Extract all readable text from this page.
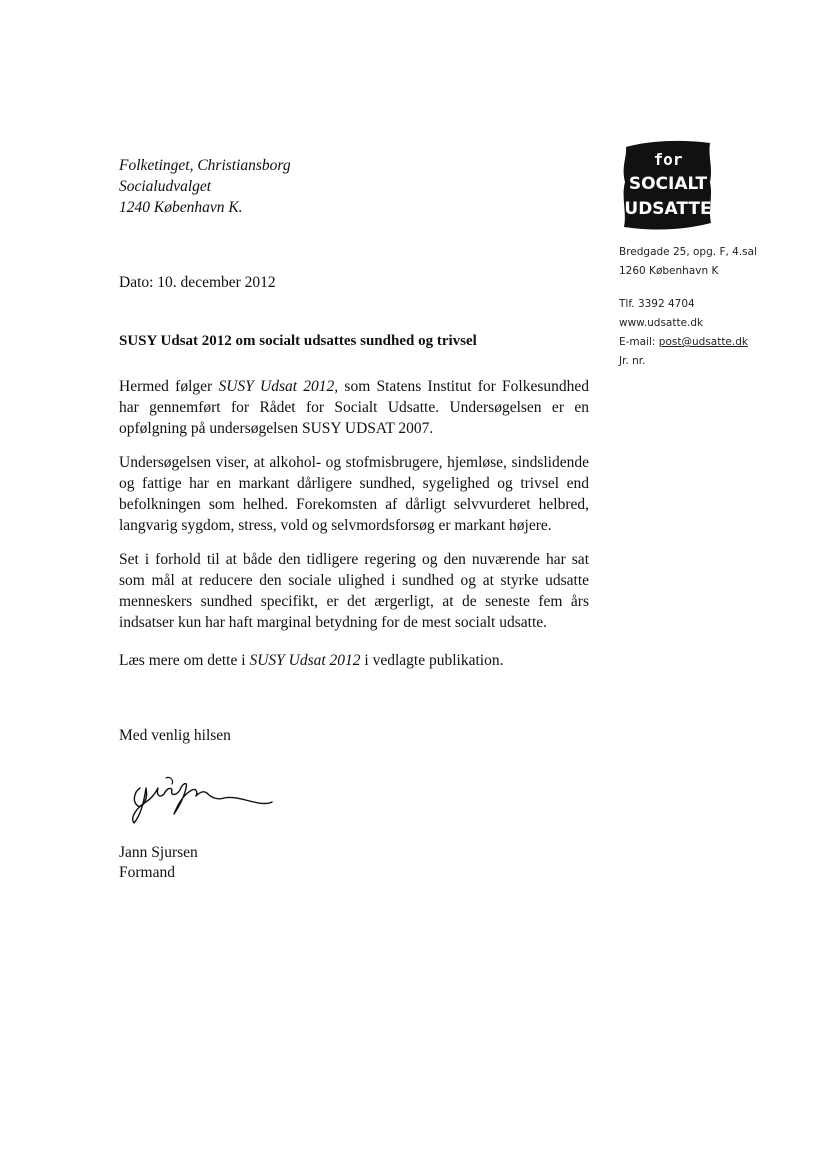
Folketinget, Christiansborg
Socialudvalget
1240 København K.
for
SOCIALT
UDSATTE
Bredgade 25, opg. F, 4.sal
1260 København K
Tlf. 3392 4704
www.udsatte.dk
E-mail: post@udsatte.dk
Jr. nr.
Dato: 10. december 2012
SUSY Udsat 2012 om socialt udsattes sundhed og trivsel
Hermed følger SUSY Udsat 2012, som Statens Institut for Folkesundhed har gennemført for Rådet for Socialt Udsatte. Undersøgelsen er en opfølgning på undersøgelsen SUSY UDSAT 2007.
Undersøgelsen viser, at alkohol- og stofmisbrugere, hjemløse, sindslidende og fattige har en markant dårligere sundhed, sygelighed og trivsel end befolkningen som helhed. Forekomsten af dårligt selvvurderet helbred, langvarig sygdom, stress, vold og selvmordsforsøg er markant højere.
Set i forhold til at både den tidligere regering og den nuværende har sat som mål at reducere den sociale ulighed i sundhed og at styrke udsatte menneskers sundhed specifikt, er det ærgerligt, at de seneste fem års indsatser kun har haft marginal betydning for de mest socialt udsatte.
Læs mere om dette i SUSY Udsat 2012 i vedlagte publikation.
Med venlig hilsen
Jann Sjursen
Formand
